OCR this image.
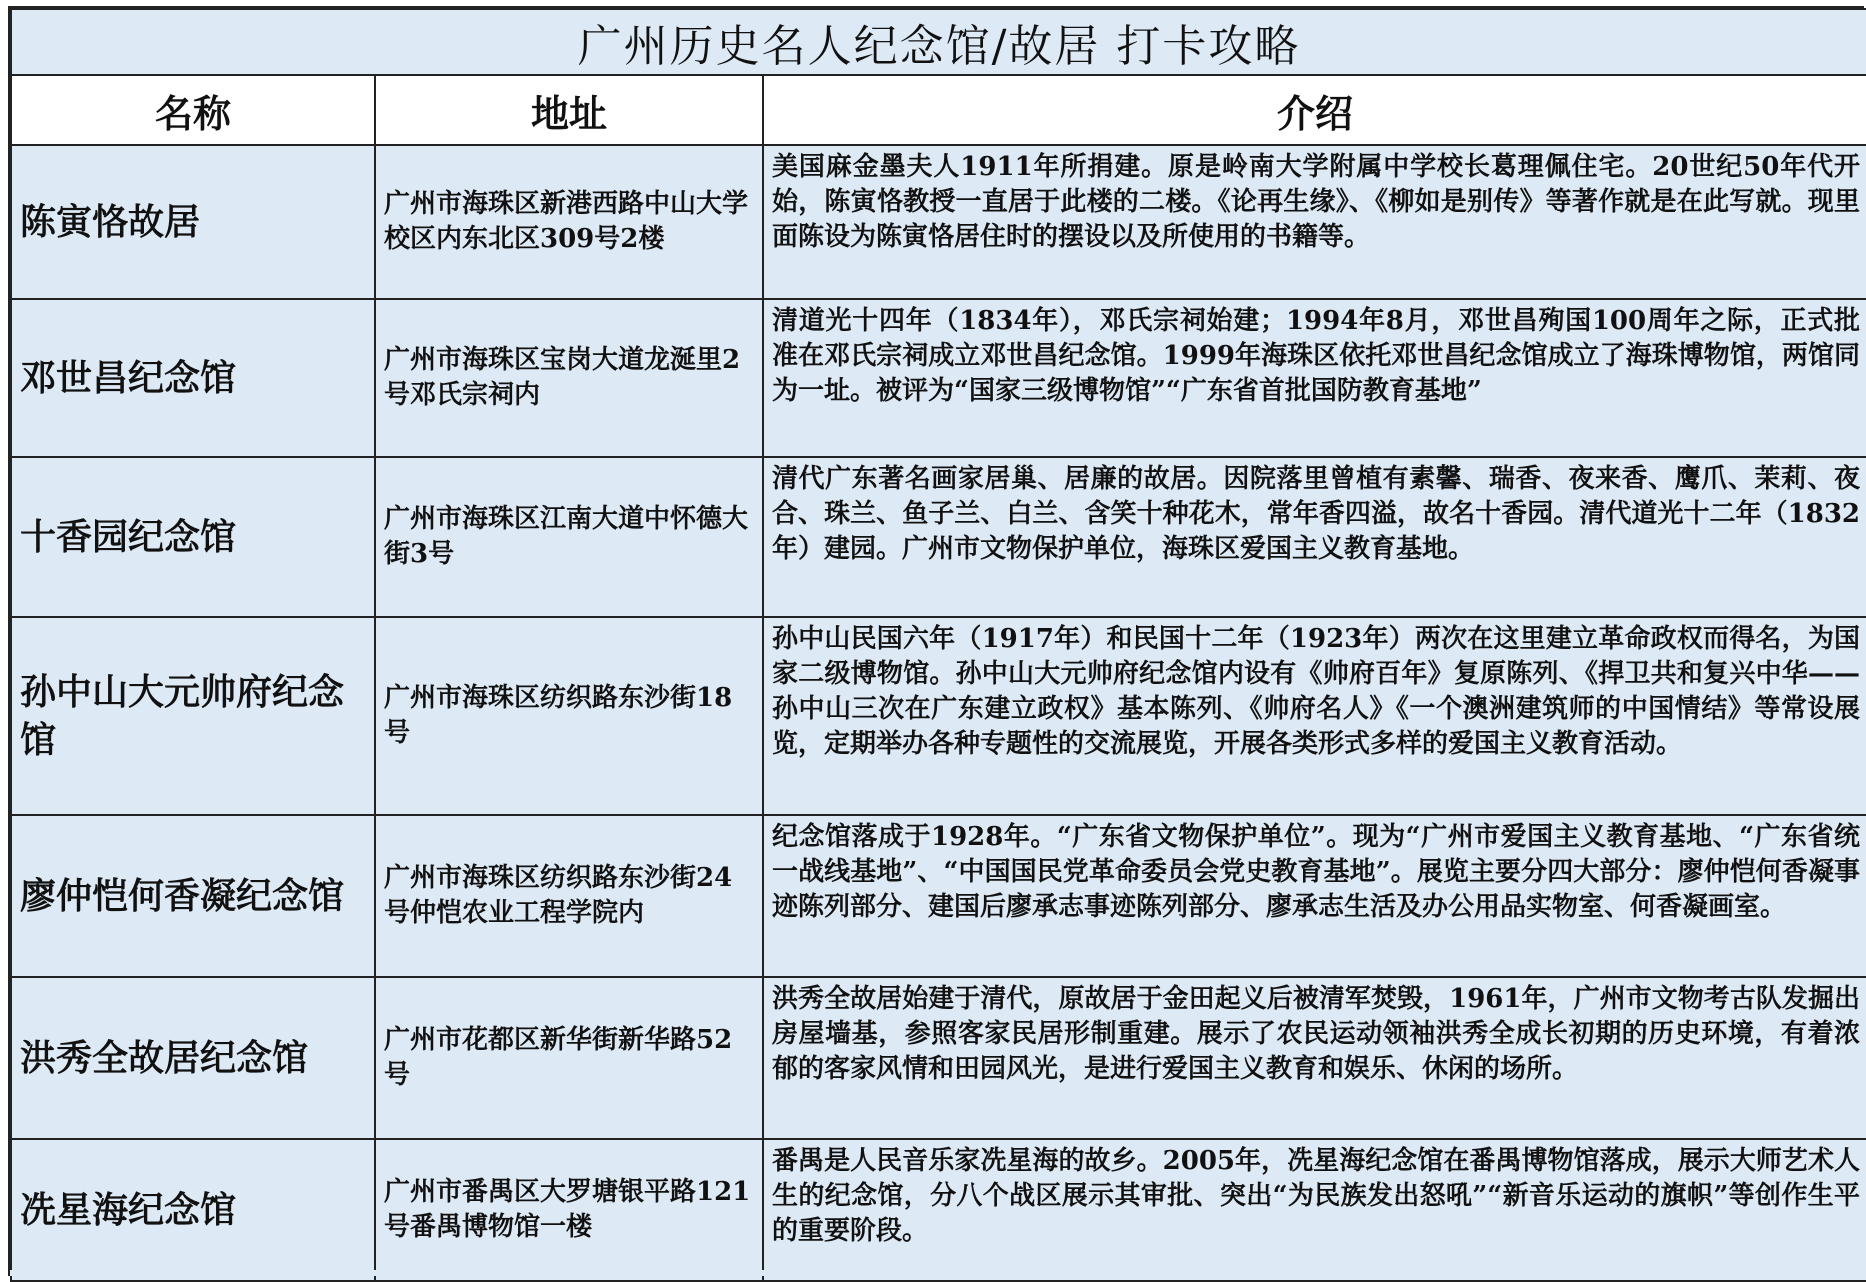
广州历史名人纪念馆/故居 打卡攻略		
名称	地址	介绍
陈寅恪故居	广州市海珠区新港西路中山大学校区内东北区309号2楼	美国麻金墨夫人1911年所捐建。原是岭南大学附属中学校长葛理佩住宅。20世纪50年代开始，陈寅恪教授一直居于此楼的二楼。《论再生缘》、《柳如是别传》等著作就是在此写就。现里面陈设为陈寅恪居住时的摆设以及所使用的书籍等。
邓世昌纪念馆	广州市海珠区宝岗大道龙涎里2号邓氏宗祠内	清道光十四年（1834年），邓氏宗祠始建；1994年8月，邓世昌殉国100周年之际，正式批准在邓氏宗祠成立邓世昌纪念馆。1999年海珠区依托邓世昌纪念馆成立了海珠博物馆，两馆同为一址。被评为“国家三级博物馆”“广东省首批国防教育基地”
十香园纪念馆	广州市海珠区江南大道中怀德大街3号	清代广东著名画家居巢、居廉的故居。因院落里曾植有素馨、瑞香、夜来香、鹰爪、茉莉、夜合、珠兰、鱼子兰、白兰、含笑十种花木，常年香四溢，故名十香园。清代道光十二年（1832年）建园。广州市文物保护单位，海珠区爱国主义教育基地。
孙中山大元帅府纪念馆	广州市海珠区纺织路东沙街18号	孙中山民国六年（1917年）和民国十二年（1923年）两次在这里建立革命政权而得名，为国家二级博物馆。孙中山大元帅府纪念馆内设有《帅府百年》复原陈列、《捍卫共和复兴中华——孙中山三次在广东建立政权》基本陈列、《帅府名人》《一个澳洲建筑师的中国情结》等常设展览，定期举办各种专题性的交流展览，开展各类形式多样的爱国主义教育活动。
廖仲恺何香凝纪念馆	广州市海珠区纺织路东沙街24号仲恺农业工程学院内	纪念馆落成于1928年。“广东省文物保护单位”。现为“广州市爱国主义教育基地、“广东省统一战线基地”、“中国国民党革命委员会党史教育基地”。展览主要分四大部分：廖仲恺何香凝事迹陈列部分、建国后廖承志事迹陈列部分、廖承志生活及办公用品实物室、何香凝画室。
洪秀全故居纪念馆	广州市花都区新华街新华路52号	洪秀全故居始建于清代，原故居于金田起义后被清军焚毁，1961年，广州市文物考古队发掘出房屋墙基，参照客家民居形制重建。展示了农民运动领袖洪秀全成长初期的历史环境，有着浓郁的客家风情和田园风光，是进行爱国主义教育和娱乐、休闲的场所。
冼星海纪念馆	广州市番禺区大罗塘银平路121号番禺博物馆一楼	番禺是人民音乐家冼星海的故乡。2005年，冼星海纪念馆在番禺博物馆落成，展示大师艺术人生的纪念馆，分八个战区展示其审批、突出“为民族发出怒吼”“新音乐运动的旗帜”等创作生平的重要阶段。
